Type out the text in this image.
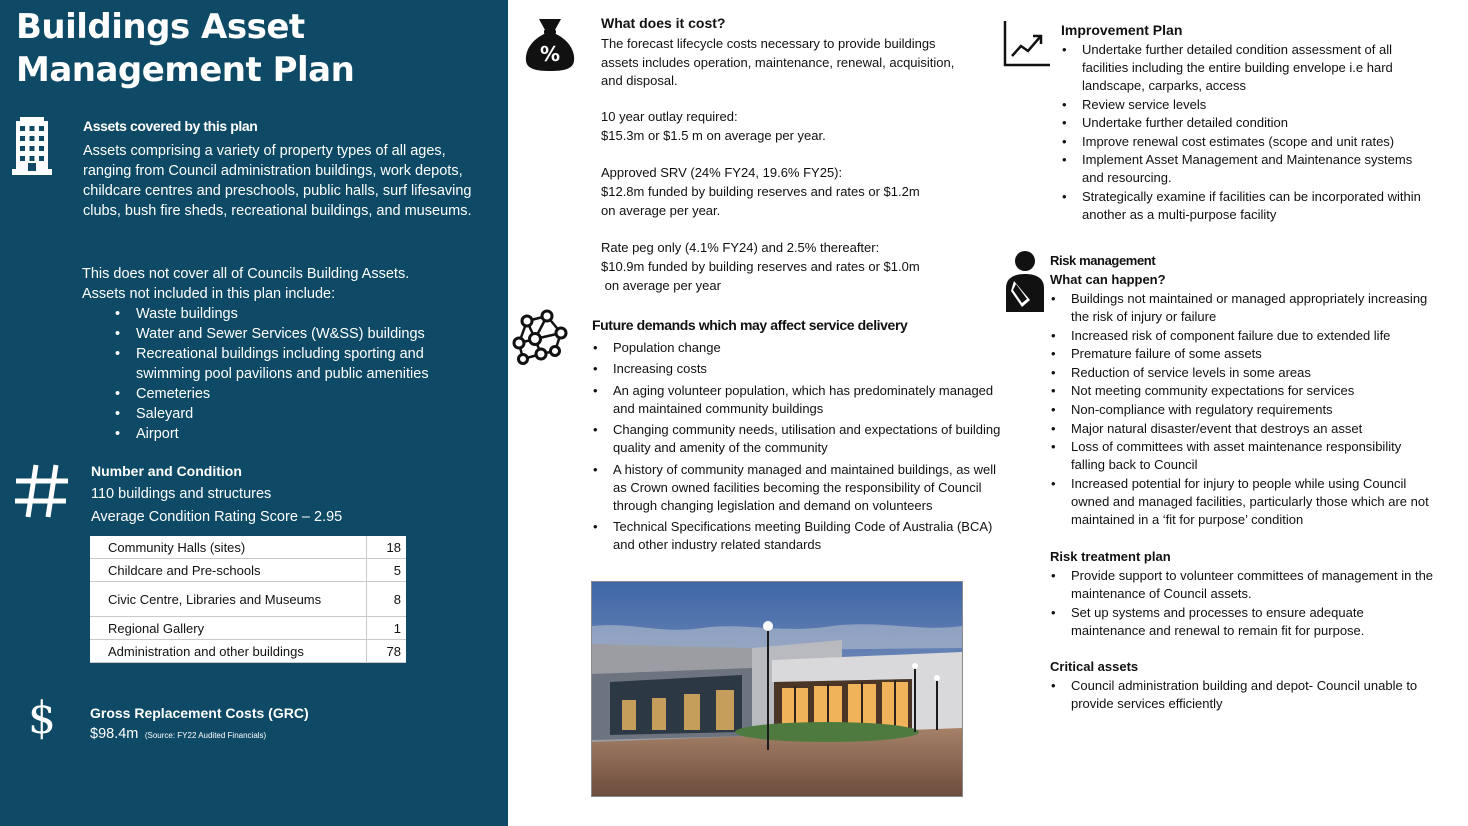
Buildings Asset
Management Plan
Assets covered by this plan
Assets comprising a variety of property types of all ages, ranging from Council administration buildings, work depots, childcare centres and preschools, public halls, surf lifesaving clubs, bush fire sheds, recreational buildings, and museums.
This does not cover all of Councils Building Assets.
Assets not included in this plan include:
• Waste buildings
• Water and Sewer Services (W&SS) buildings
• Recreational buildings including sporting and swimming pool pavilions and public amenities
• Cemeteries
• Saleyard
• Airport
Number and Condition
110 buildings and structures
Average Condition Rating Score – 2.95
Community Halls (sites)	18
Childcare and Pre-schools	5
Civic Centre, Libraries and Museums	8
Regional Gallery	1
Administration and other buildings	78
$ Gross Replacement Costs (GRC)
$98.4m (Source: FY22 Audited Financials)
%
What does it cost?

The forecast lifecycle costs necessary to provide buildings assets includes operation, maintenance, renewal, acquisition, and disposal.

10 year outlay required:

$15.3m or $1.5 m on average per year.

Approved SRV (24% FY24, 19.6% FY25):

$12.8m funded by building reserves and rates or $1.2m

on average per year.

Rate peg only (4.1% FY24) and 2.5% thereafter:

$10.9m funded by building reserves and rates or $1.0m

on average per year

Future demands which may affect service delivery
• Population change
• Increasing costs
• An aging volunteer population, which has predominately managed and maintained community buildings
• Changing community needs, utilisation and expectations of building quality and amenity of the community
• A history of community managed and maintained buildings, as well as Crown owned facilities becoming the responsibility of Council through changing legislation and demand on volunteers
• Technical Specifications meeting Building Code of Australia (BCA) and other industry related standards
Improvement Plan
• Undertake further detailed condition assessment of all facilities including the entire building envelope i.e hard landscape, carparks, access
• Review service levels
• Undertake further detailed condition
• Improve renewal cost estimates (scope and unit rates)
• Implement Asset Management and Maintenance systems and resourcing.
• Strategically examine if facilities can be incorporated within another as a multi-purpose facility
Risk management
What can happen?
• Buildings not maintained or managed appropriately increasing the risk of injury or failure
• Increased risk of component failure due to extended life
• Premature failure of some assets
• Reduction of service levels in some areas
• Not meeting community expectations for services
• Non-compliance with regulatory requirements
• Major natural disaster/event that destroys an asset
• Loss of committees with asset maintenance responsibility falling back to Council
• Increased potential for injury to people while using Council owned and managed facilities, particularly those which are not maintained in a ‘fit for purpose’ condition
Risk treatment plan
• Provide support to volunteer committees of management in the maintenance of Council assets.
• Set up systems and processes to ensure adequate maintenance and renewal to remain fit for purpose.
Critical assets
• Council administration building and depot- Council unable to provide services efficiently
